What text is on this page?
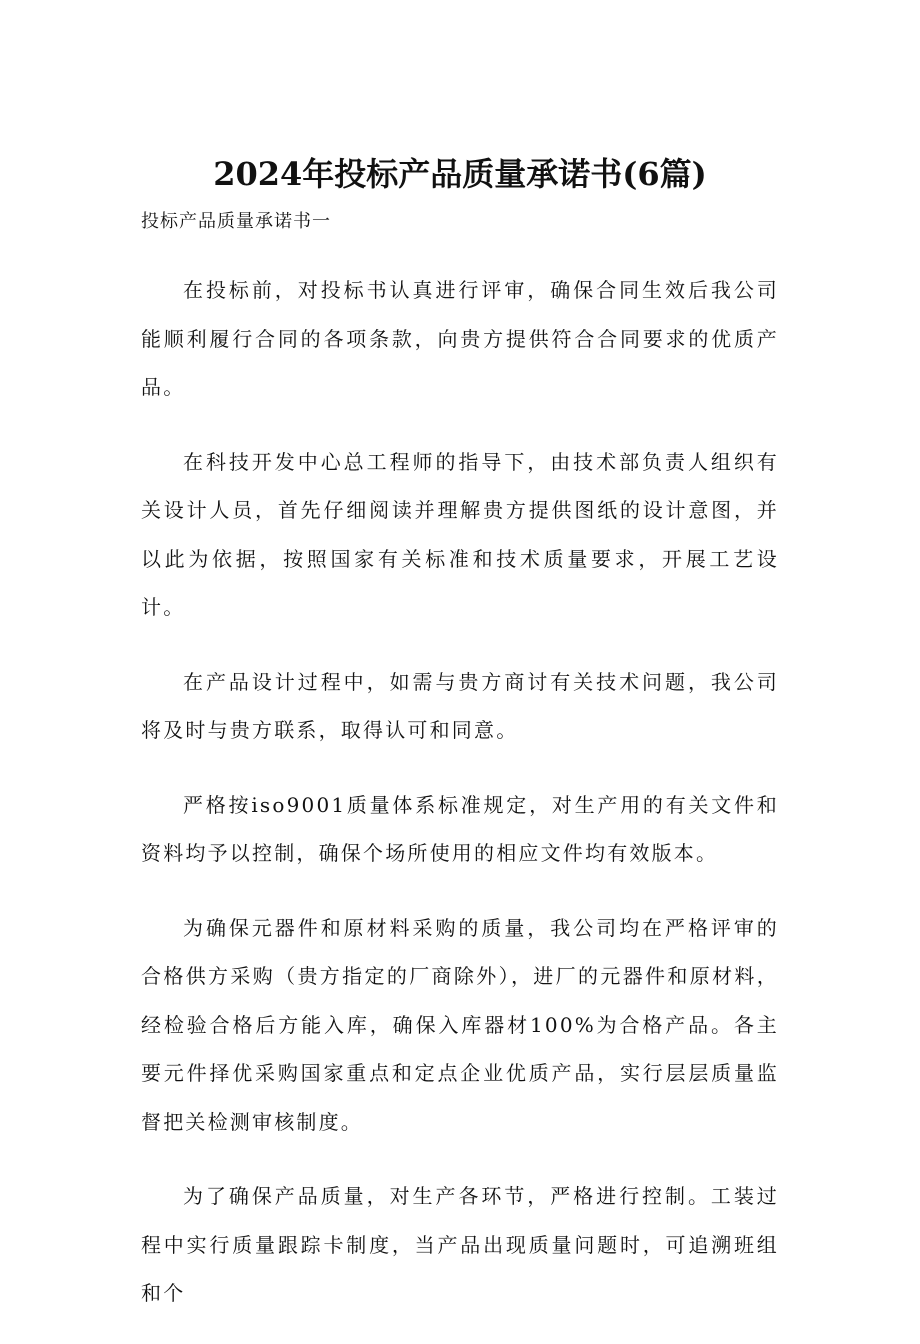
2024年投标产品质量承诺书(6篇)

投标产品质量承诺书一

在投标前，对投标书认真进行评审，确保合同生效后我公司能顺利履行合同的各项条款，向贵方提供符合合同要求的优质产品。

在科技开发中心总工程师的指导下，由技术部负责人组织有关设计人员，首先仔细阅读并理解贵方提供图纸的设计意图，并以此为依据，按照国家有关标准和技术质量要求，开展工艺设计。

在产品设计过程中，如需与贵方商讨有关技术问题，我公司将及时与贵方联系，取得认可和同意。

严格按iso9001质量体系标准规定，对生产用的有关文件和资料均予以控制，确保个场所使用的相应文件均有效版本。

为确保元器件和原材料采购的质量，我公司均在严格评审的合格供方采购（贵方指定的厂商除外），进厂的元器件和原材料，经检验合格后方能入库，确保入库器材100%为合格产品。各主要元件择优采购国家重点和定点企业优质产品，实行层层质量监督把关检测审核制度。

为了确保产品质量，对生产各环节，严格进行控制。工装过程中实行质量跟踪卡制度，当产品出现质量问题时，可追溯班组和个
